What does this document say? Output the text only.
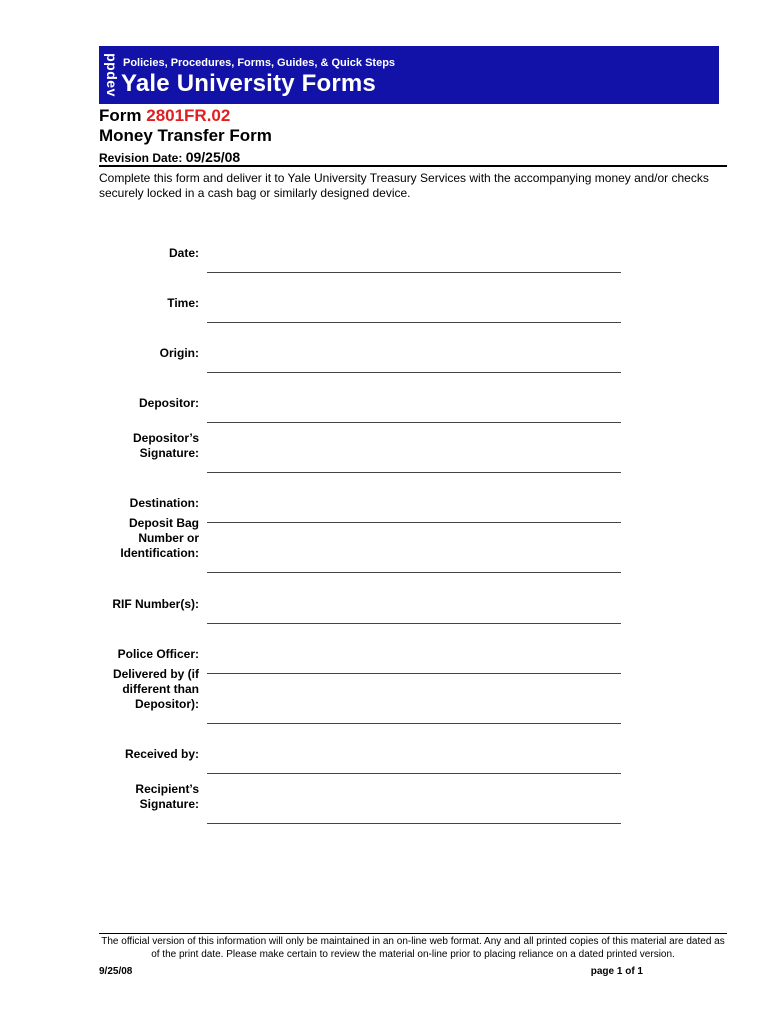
ppdev Policies, Procedures, Forms, Guides, & Quick Steps
Yale University Forms
Form 2801FR.02
Money Transfer Form
Revision Date: 09/25/08
Complete this form and deliver it to Yale University Treasury Services with the accompanying money and/or checks securely locked in a cash bag or similarly designed device.
Date:
Time:
Origin:
Depositor:
Depositor’s
Signature:
Destination:
Deposit Bag
Number or
Identification:
RIF Number(s):
Police Officer:
Delivered by (if
different than
Depositor):
Received by:
Recipient’s
Signature:
The official version of this information will only be maintained in an on-line web format. Any and all printed copies of this material are dated as of the print date. Please make certain to review the material on-line prior to placing reliance on a dated printed version.
9/25/08	page 1 of 1
